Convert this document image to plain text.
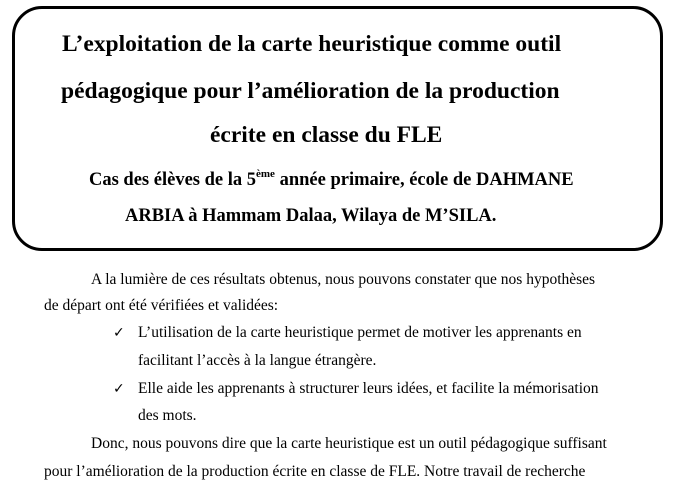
L’exploitation de la carte heuristique comme outil
pédagogique pour l’amélioration de la production
écrite en classe du FLE
Cas des élèves de la 5ème année primaire, école de DAHMANE
ARBIA à Hammam Dalaa, Wilaya de M’SILA.
A la lumière de ces résultats obtenus, nous pouvons constater que nos hypothèses
de départ ont été vérifiées et validées:
✓ L’utilisation de la carte heuristique permet de motiver les apprenants en
facilitant l’accès à la langue étrangère.
✓ Elle aide les apprenants à structurer leurs idées, et facilite la mémorisation
des mots.
Donc, nous pouvons dire que la carte heuristique est un outil pédagogique suffisant
pour l’amélioration de la production écrite en classe de FLE. Notre travail de recherche
